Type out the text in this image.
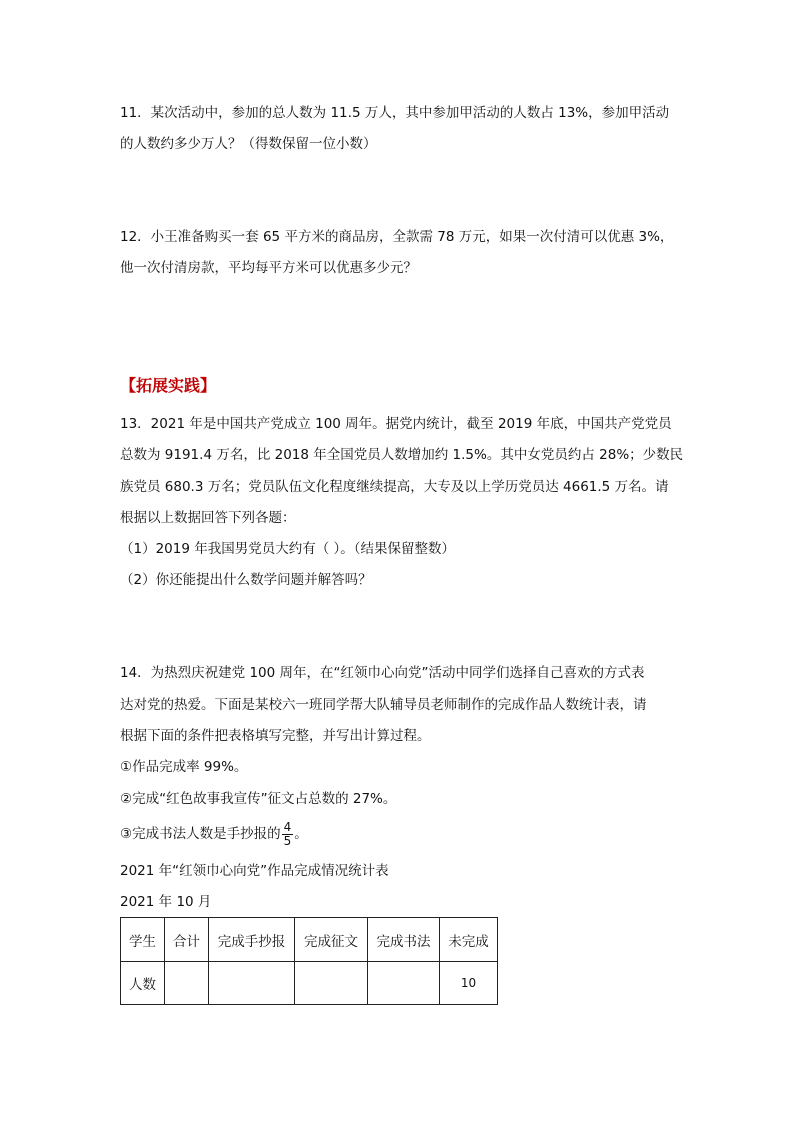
11．某次活动中，参加的总人数为 11.5 万人，其中参加甲活动的人数占 13%，参加甲活动
的人数约多少万人？（得数保留一位小数）
12．小王准备购买一套 65 平方米的商品房，全款需 78 万元，如果一次付清可以优惠 3%，
他一次付清房款，平均每平方米可以优惠多少元？
【拓展实践】
13．2021 年是中国共产党成立 100 周年。据党内统计，截至 2019 年底，中国共产党党员
总数为 9191.4 万名，比 2018 年全国党员人数增加约 1.5%。其中女党员约占 28%；少数民
族党员 680.3 万名；党员队伍文化程度继续提高，大专及以上学历党员达 4661.5 万名。请
根据以上数据回答下列各题：
（1）2019 年我国男党员大约有（ ）。（结果保留整数）
（2）你还能提出什么数学问题并解答吗？
14．为热烈庆祝建党 100 周年，在“红领巾心向党”活动中同学们选择自己喜欢的方式表
达对党的热爱。下面是某校六一班同学帮大队辅导员老师制作的完成作品人数统计表，请
根据下面的条件把表格填写完整，并写出计算过程。
①作品完成率 99%。
②完成“红色故事我宣传”征文占总数的 27%。
③完成书法人数是手抄报的 $\frac{4}{5}$ 。
2021 年“红领巾心向党”作品完成情况统计表
2021 年 10 月
学生	合计	完成手抄报	完成征文	完成书法	未完成
人数					10
